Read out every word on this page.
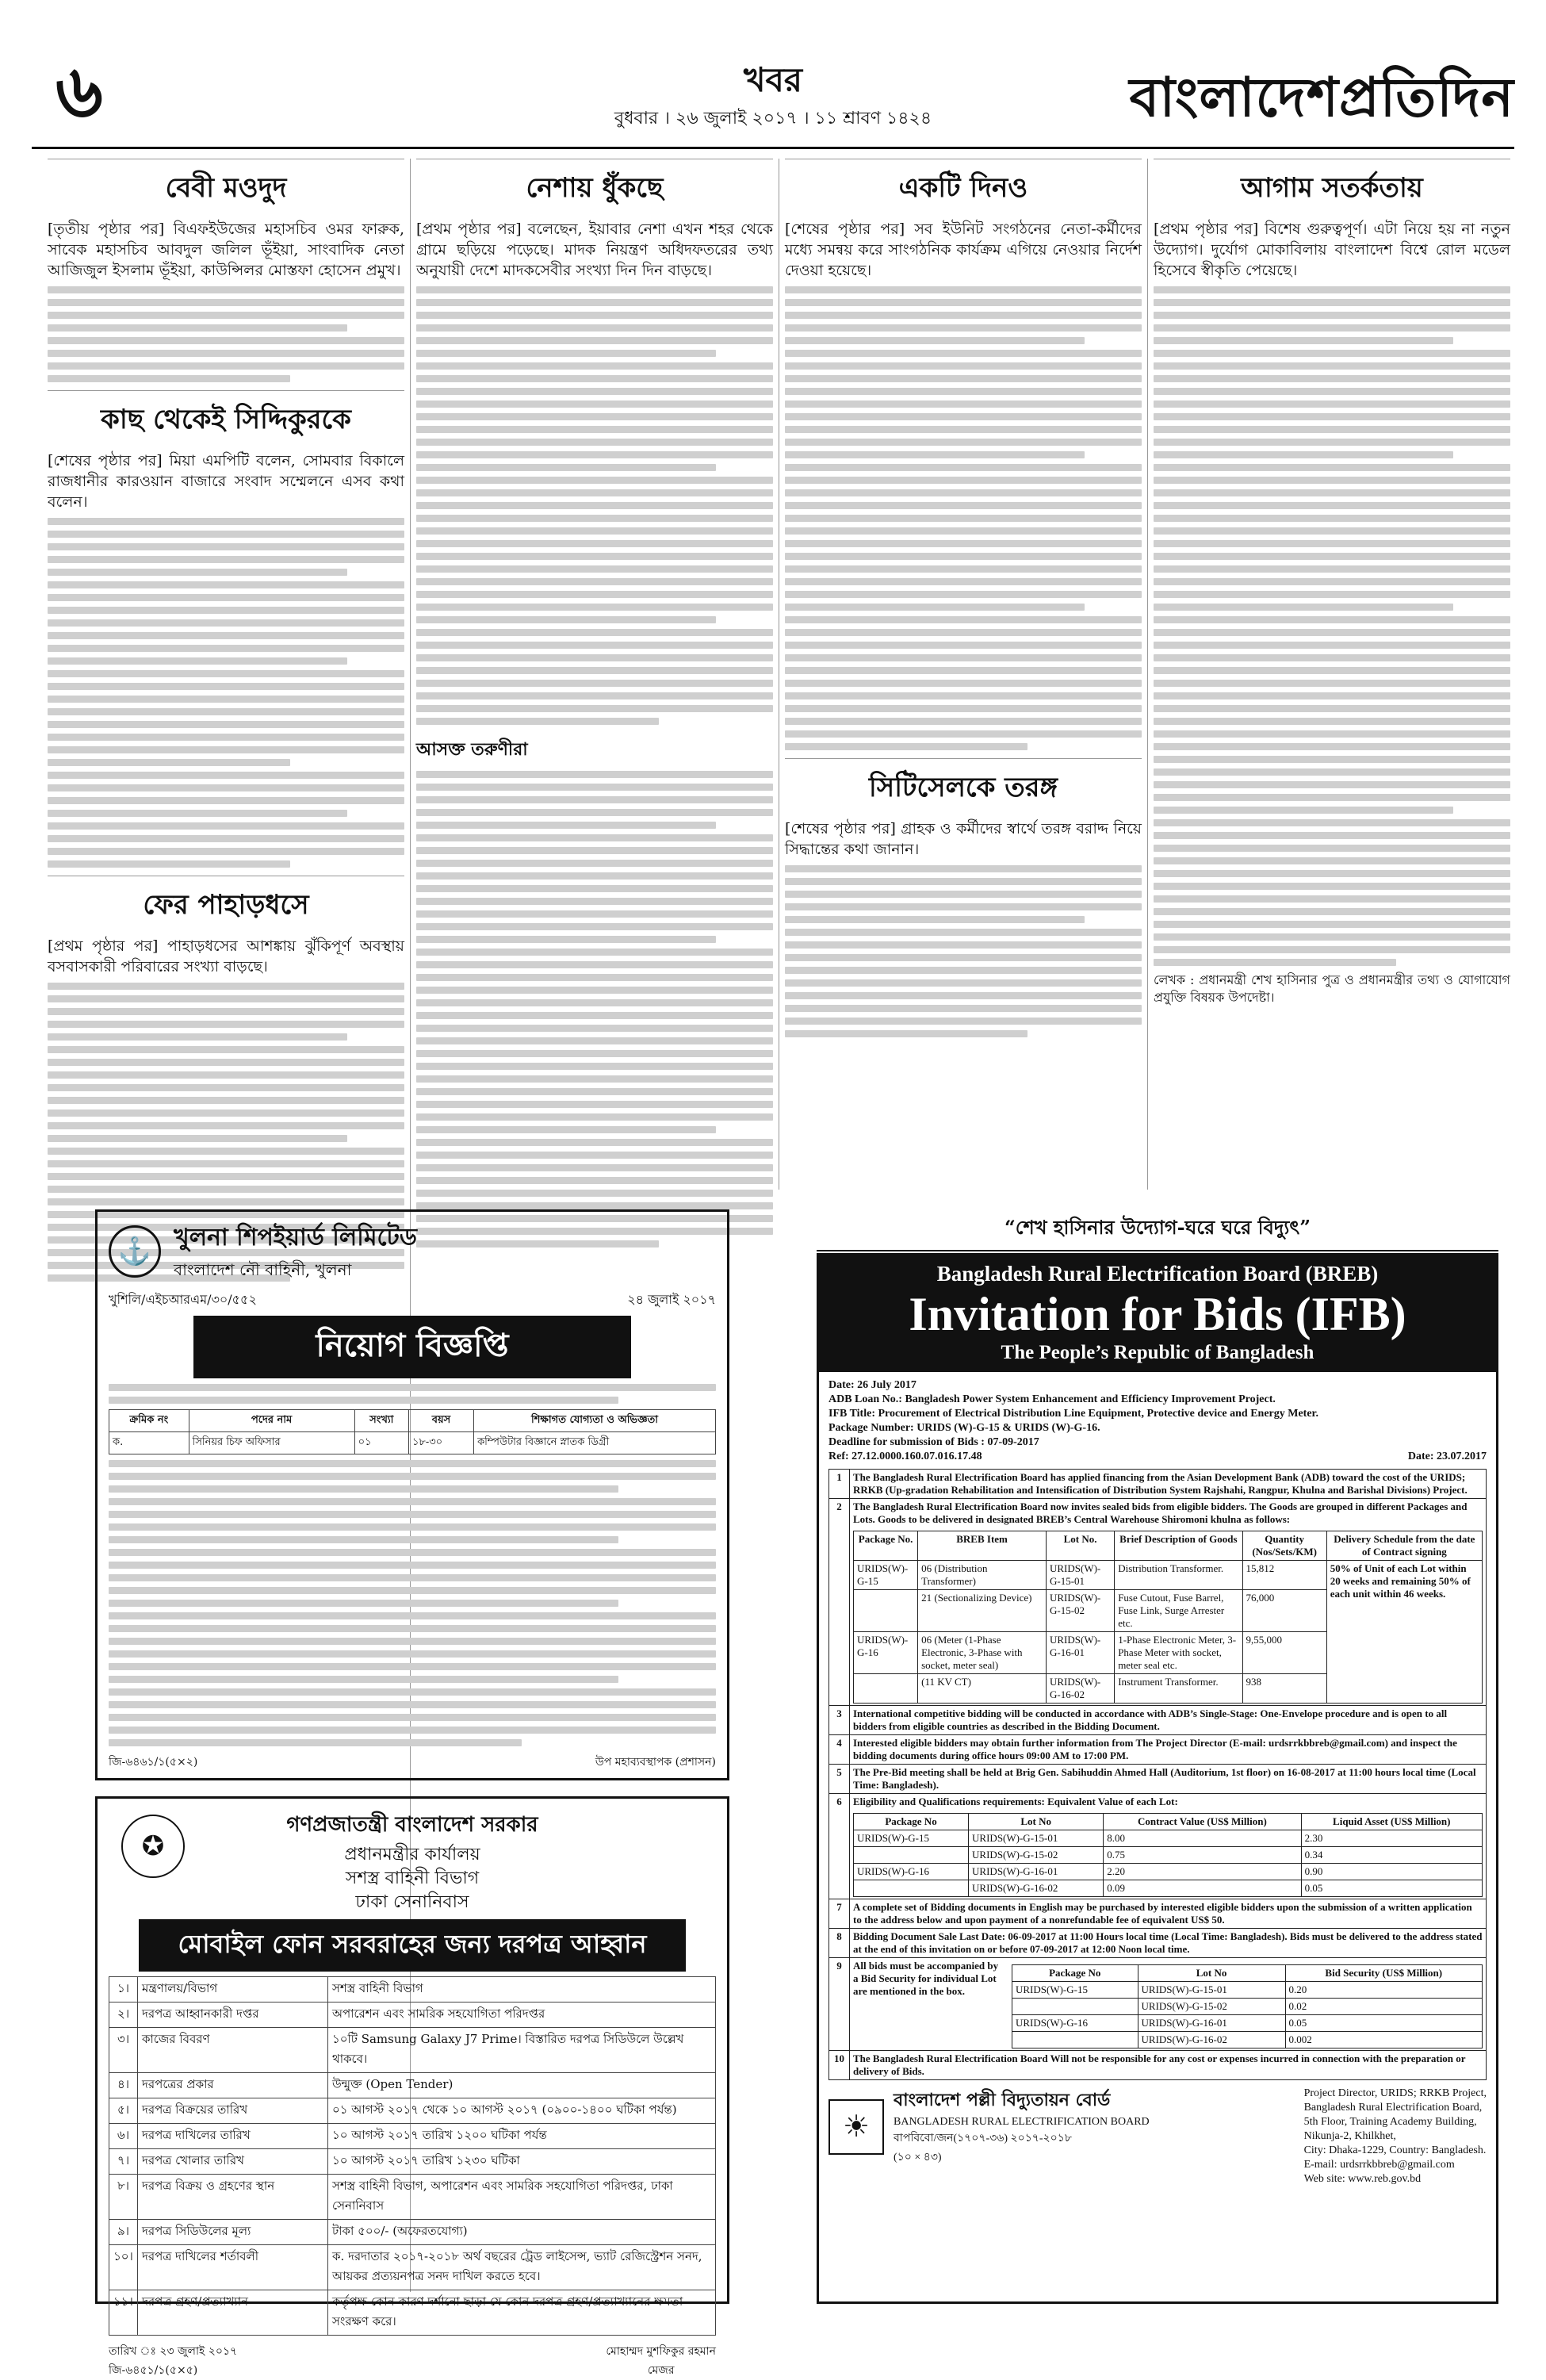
৬	খবর
বুধবার । ২৬ জুলাই ২০১৭ । ১১ শ্রাবণ ১৪২৪	বাংলাদেশপ্রতিদিন
বেবী মওদুদ

[তৃতীয় পৃষ্ঠার পর] বিএফইউজের মহাসচিব ওমর ফারুক, সাবেক মহাসচিব আবদুল জলিল ভূঁইয়া, সাংবাদিক নেতা আজিজুল ইসলাম ভূঁইয়া, কাউন্সিলর মোস্তফা হোসেন প্রমুখ।

কাছ থেকেই সিদ্দিকুরকে

[শেষের পৃষ্ঠার পর] মিয়া এমপিটি বলেন, সোমবার বিকালে রাজধানীর কারওয়ান বাজারে সংবাদ সম্মেলনে এসব কথা বলেন।

ফের পাহাড়ধসে

[প্রথম পৃষ্ঠার পর] পাহাড়ধসের আশঙ্কায় ঝুঁকিপূর্ণ অবস্থায় বসবাসকারী পরিবারের সংখ্যা বাড়ছে।

নেশায় ধুঁকছে

[প্রথম পৃষ্ঠার পর] বলেছেন, ইয়াবার নেশা এখন শহর থেকে গ্রামে ছড়িয়ে পড়েছে। মাদক নিয়ন্ত্রণ অধিদফতরের তথ্য অনুযায়ী দেশে মাদকসেবীর সংখ্যা দিন দিন বাড়ছে।

আসক্ত তরুণীরা
একটি দিনও

[শেষের পৃষ্ঠার পর] সব ইউনিট সংগঠনের নেতা-কর্মীদের মধ্যে সমন্বয় করে সাংগঠনিক কার্যক্রম এগিয়ে নেওয়ার নির্দেশ দেওয়া হয়েছে।

সিটিসেলকে তরঙ্গ

[শেষের পৃষ্ঠার পর] গ্রাহক ও কর্মীদের স্বার্থে তরঙ্গ বরাদ্দ নিয়ে সিদ্ধান্তের কথা জানান।

আগাম সতর্কতায়

[প্রথম পৃষ্ঠার পর] বিশেষ গুরুত্বপূর্ণ। এটা নিয়ে হয় না নতুন উদ্যোগ। দুর্যোগ মোকাবিলায় বাংলাদেশ বিশ্বে রোল মডেল হিসেবে স্বীকৃতি পেয়েছে।

লেখক : প্রধানমন্ত্রী শেখ হাসিনার পুত্র ও প্রধানমন্ত্রীর তথ্য ও যোগাযোগ প্রযুক্তি বিষয়ক উপদেষ্টা।

⚓ খুলনা শিপইয়ার্ড লিমিটেড
বাংলাদেশ নৌ বাহিনী, খুলনা
খুশিলি/এইচআরএম/৩০/৫৫২	২৪ জুলাই ২০১৭
নিয়োগ বিজ্ঞপ্তি
ক্রমিক নং	পদের নাম	সংখ্যা	বয়স	শিক্ষাগত যোগ্যতা ও অভিজ্ঞতা
ক.	সিনিয়র চিফ অফিসার	০১	১৮-৩০	কম্পিউটার বিজ্ঞানে স্নাতক ডিগ্রী
জি-৬৪৬১/১(৫×২)	উপ মহাব্যবস্থাপক (প্রশাসন)
✪
গণপ্রজাতন্ত্রী বাংলাদেশ সরকার
প্রধানমন্ত্রীর কার্যালয়
সশস্ত্র বাহিনী বিভাগ
ঢাকা সেনানিবাস
মোবাইল ফোন সরবরাহের জন্য দরপত্র আহ্বান
১।	মন্ত্রণালয়/বিভাগ	সশস্ত্র বাহিনী বিভাগ
২।	দরপত্র আহ্বানকারী দপ্তর	অপারেশন এবং সামরিক সহযোগিতা পরিদপ্তর
৩।	কাজের বিবরণ	১০টি Samsung Galaxy J7 Prime। বিস্তারিত দরপত্র সিডিউলে উল্লেখ থাকবে।
৪।	দরপত্রের প্রকার	উন্মুক্ত (Open Tender)
৫।	দরপত্র বিক্রয়ের তারিখ	০১ আগস্ট ২০১৭ থেকে ১০ আগস্ট ২০১৭ (০৯০০-১৪০০ ঘটিকা পর্যন্ত)
৬।	দরপত্র দাখিলের তারিখ	১০ আগস্ট ২০১৭ তারিখ ১২০০ ঘটিকা পর্যন্ত
৭।	দরপত্র খোলার তারিখ	১০ আগস্ট ২০১৭ তারিখ ১২৩০ ঘটিকা
৮।	দরপত্র বিক্রয় ও গ্রহণের স্থান	সশস্ত্র বাহিনী বিভাগ, অপারেশন এবং সামরিক সহযোগিতা পরিদপ্তর, ঢাকা সেনানিবাস
৯।	দরপত্র সিডিউলের মূল্য	টাকা ৫০০/- (অফেরতযোগ্য)
১০।	দরপত্র দাখিলের শর্তাবলী	ক. দরদাতার ২০১৭-২০১৮ অর্থ বছরের ট্রেড লাইসেন্স, ভ্যাট রেজিস্ট্রেশন সনদ, আয়কর প্রত্যয়নপত্র সনদ দাখিল করতে হবে।
১১।	দরপত্র গ্রহণ/প্রত্যাখ্যান	কর্তৃপক্ষ কোন কারণ দর্শানো ছাড়া যে কোন দরপত্র গ্রহণ/প্রত্যাখ্যানের ক্ষমতা সংরক্ষণ করে।
তারিখ ঃ ২৩ জুলাই ২০১৭
জি-৬৪৫১/১(৫×৫)
মোহাম্মদ মুশফিকুর রহমান
মেজর
“শেখ হাসিনার উদ্যোগ-ঘরে ঘরে বিদ্যুৎ”
Bangladesh Rural Electrification Board (BREB)
Invitation for Bids (IFB)
The People’s Republic of Bangladesh
Date: 26 July 2017
ADB Loan No.: Bangladesh Power System Enhancement and Efficiency Improvement Project.
IFB Title: Procurement of Electrical Distribution Line Equipment, Protective device and Energy Meter.
Package Number: URIDS (W)-G-15 & URIDS (W)-G-16.
Deadline for submission of Bids : 07-09-2017
Ref: 27.12.0000.160.07.016.17.48	Date: 23.07.2017
1	The Bangladesh Rural Electrification Board has applied financing from the Asian Development Bank (ADB) toward the cost of the URIDS; RRKB (Up-gradation Rehabilitation and Intensification of Distribution System Rajshahi, Rangpur, Khulna and Barishal Divisions) Project.
2	The Bangladesh Rural Electrification Board now invites sealed bids from eligible bidders. The Goods are grouped in different Packages and Lots. Goods to be delivered in designated BREB’s Central Warehouse Shiromoni khulna as follows:
Package No.	BREB Item	Lot No.	Brief Description of Goods	Quantity (Nos/Sets/KM)	Delivery Schedule from the date of Contract signing
URIDS(W)-G-15	06 (Distribution Transformer)	URIDS(W)-G-15-01	Distribution Transformer.	15,812	50% of Unit of each Lot within 20 weeks and remaining 50% of each unit within 46 weeks.
	21 (Sectionalizing Device)	URIDS(W)-G-15-02	Fuse Cutout, Fuse Barrel, Fuse Link, Surge Arrester etc.	76,000
URIDS(W)-G-16	06 (Meter (1-Phase Electronic, 3-Phase with socket, meter seal)	URIDS(W)-G-16-01	1-Phase Electronic Meter, 3-Phase Meter with socket, meter seal etc.	9,55,000
	(11 KV CT)	URIDS(W)-G-16-02	Instrument Transformer.	938

3	International competitive bidding will be conducted in accordance with ADB’s Single-Stage: One-Envelope procedure and is open to all bidders from eligible countries as described in the Bidding Document.
4	Interested eligible bidders may obtain further information from The Project Director (E-mail: urdsrrkbbreb@gmail.com) and inspect the bidding documents during office hours 09:00 AM to 17:00 PM.
5	The Pre-Bid meeting shall be held at Brig Gen. Sabihuddin Ahmed Hall (Auditorium, 1st floor) on 16-08-2017 at 11:00 hours local time (Local Time: Bangladesh).
6	Eligibility and Qualifications requirements: Equivalent Value of each Lot:
Package No	Lot No	Contract Value (US$ Million)	Liquid Asset (US$ Million)
URIDS(W)-G-15	URIDS(W)-G-15-01	8.00	2.30
	URIDS(W)-G-15-02	0.75	0.34
URIDS(W)-G-16	URIDS(W)-G-16-01	2.20	0.90
	URIDS(W)-G-16-02	0.09	0.05

7	A complete set of Bidding documents in English may be purchased by interested eligible bidders upon the submission of a written application to the address below and upon payment of a nonrefundable fee of equivalent US$ 50.
8	Bidding Document Sale Last Date: 06-09-2017 at 11:00 Hours local time (Local Time: Bangladesh). Bids must be delivered to the address stated at the end of this invitation on or before 07-09-2017 at 12:00 Noon local time.
9	All bids must be accompanied by a Bid Security for individual Lot are mentioned in the box.
Package No	Lot No	Bid Security (US$ Million)
URIDS(W)-G-15	URIDS(W)-G-15-01	0.20
	URIDS(W)-G-15-02	0.02
URIDS(W)-G-16	URIDS(W)-G-16-01	0.05
	URIDS(W)-G-16-02	0.002

10	The Bangladesh Rural Electrification Board Will not be responsible for any cost or expenses incurred in connection with the preparation or delivery of Bids.
☀
বাংলাদেশ পল্লী বিদ্যুতায়ন বোর্ড
BANGLADESH RURAL ELECTRIFICATION BOARD
বাপবিবো/জন(১৭০৭-৩৬) ২০১৭-২০১৮
(১০ × ৪৩)
Project Director, URIDS; RRKB Project,
Bangladesh Rural Electrification Board,
5th Floor, Training Academy Building,
Nikunja-2, Khilkhet,
City: Dhaka-1229, Country: Bangladesh.
E-mail: urdsrrkbbreb@gmail.com
Web site: www.reb.gov.bd
